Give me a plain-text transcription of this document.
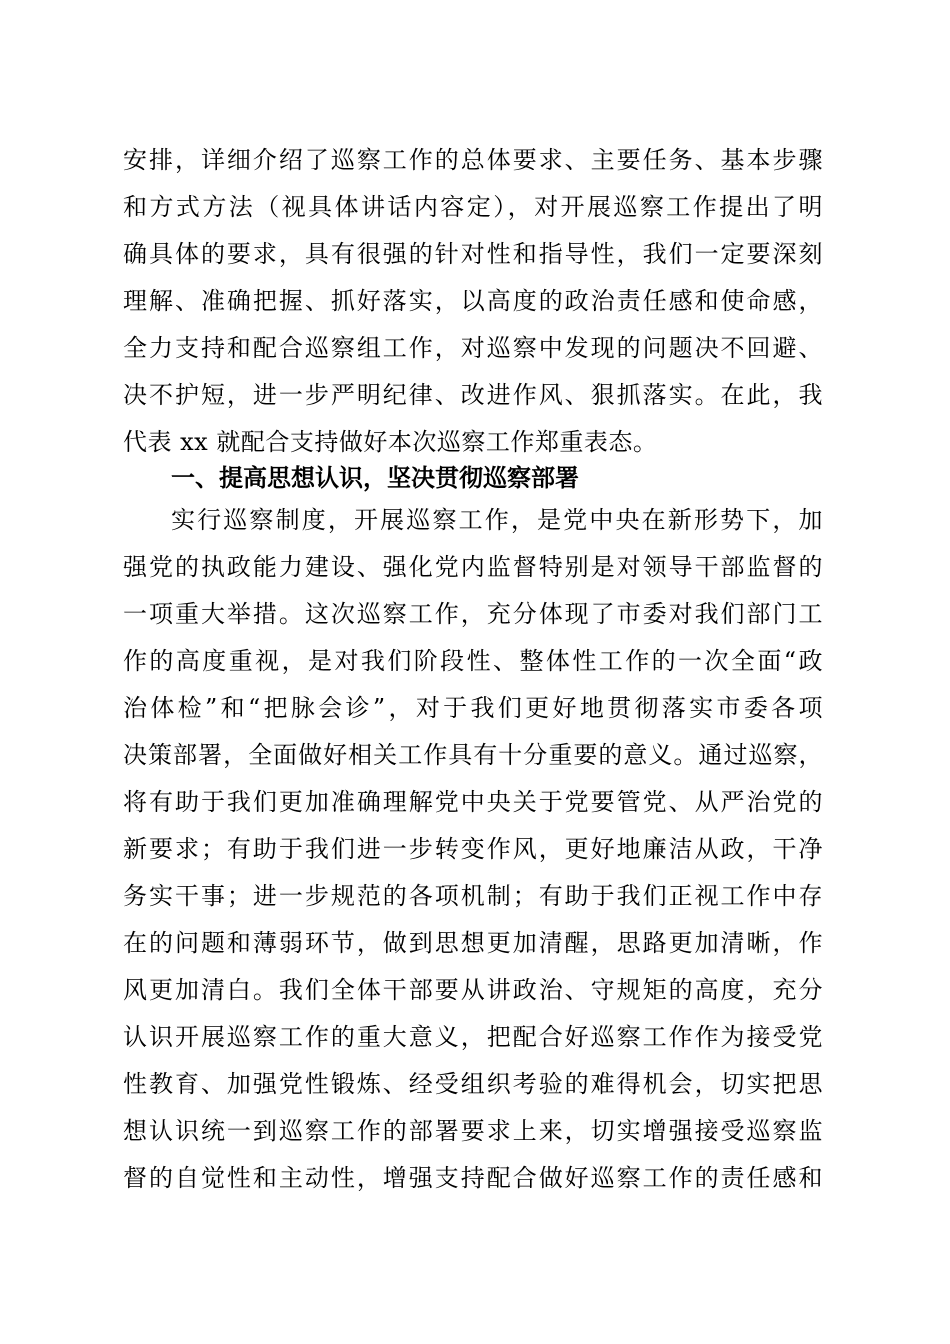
安排，详细介绍了巡察工作的总体要求、主要任务、基本步骤
和方式方法（视具体讲话内容定），对开展巡察工作提出了明
确具体的要求，具有很强的针对性和指导性，我们一定要深刻
理解、准确把握、抓好落实，以高度的政治责任感和使命感，
全力支持和配合巡察组工作，对巡察中发现的问题决不回避、
决不护短，进一步严明纪律、改进作风、狠抓落实。在此，我
代表 xx 就配合支持做好本次巡察工作郑重表态。
一、提高思想认识，坚决贯彻巡察部署
实行巡察制度，开展巡察工作，是党中央在新形势下，加
强党的执政能力建设、强化党内监督特别是对领导干部监督的
一项重大举措。这次巡察工作，充分体现了市委对我们部门工
作的高度重视，是对我们阶段性、整体性工作的一次全面“政
治体检”和“把脉会诊”，对于我们更好地贯彻落实市委各项
决策部署，全面做好相关工作具有十分重要的意义。通过巡察，
将有助于我们更加准确理解党中央关于党要管党、从严治党的
新要求；有助于我们进一步转变作风，更好地廉洁从政，干净
务实干事；进一步规范的各项机制；有助于我们正视工作中存
在的问题和薄弱环节，做到思想更加清醒，思路更加清晰，作
风更加清白。我们全体干部要从讲政治、守规矩的高度，充分
认识开展巡察工作的重大意义，把配合好巡察工作作为接受党
性教育、加强党性锻炼、经受组织考验的难得机会，切实把思
想认识统一到巡察工作的部署要求上来，切实增强接受巡察监
督的自觉性和主动性，增强支持配合做好巡察工作的责任感和
